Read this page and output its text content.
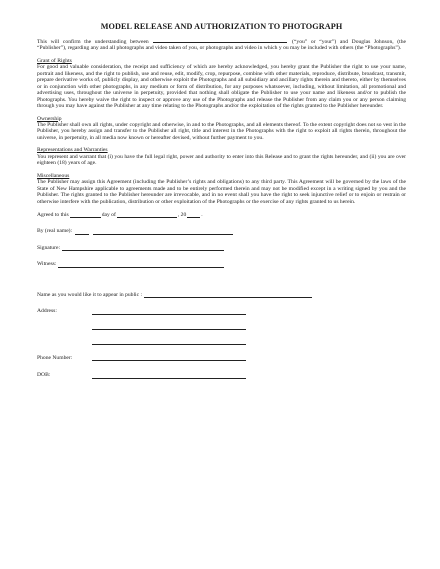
MODEL RELEASE AND AUTHORIZATION TO PHOTOGRAPH

This will confirm the understanding between	(“you” or “your”) and Douglas Johnson, (the “Publisher”), regarding any and all photographs and video taken of you, or photographs and video in which y ou may be included with others (the “Photographs”).

Grant of Rights

For good and valuable consideration, the receipt and sufficiency of which are hereby acknowledged, you hereby grant the Publisher the right to use your name, portrait and likeness, and the right to publish, use and reuse, edit, modify, crop, repurpose, combine with other materials, reproduce, distribute, broadcast, transmit, prepare derivative works of, publicly display, and otherwise exploit the Photographs and all subsidiary and ancillary rights therein and thereto, either by themselves or in conjunction with other photographs, in any medium or form of distribution, for any purposes whatsoever, including, without limitation, all promotional and advertising uses, throughout the universe in perpetuity, provided that nothing shall obligate the Publisher to use your name and likeness and/or to publish the Photographs. You hereby waive the right to inspect or approve any use of the Photographs and release the Publisher from any claim you or any person claiming through you may have against the Publisher at any time relating to the Photographs and/or the exploitation of the rights granted to the Publisher hereunder.

Ownership

The Publisher shall own all rights, under copyright and otherwise, in and to the Photographs, and all elements thereof. To the extent copyright does not so vest in the Publisher, you hereby assign and transfer to the Publisher all right, title and interest in the Photographs with the right to exploit all rights therein, throughout the universe, in perpetuity, in all media now known or hereafter devised, without further payment to you.

Representations and Warranties

You represent and warrant that (i) you have the full legal right, power and authority to enter into this Release and to grant the rights hereunder, and (ii) you are over eighteen (18) years of age.

Miscellaneous

The Publisher may assign this Agreement (including the Publisher’s rights and obligations) to any third party. This Agreement will be governed by the laws of the State of New Hampshire applicable to agreements made and to be entirely performed therein and may not be modified except in a writing signed by you and the Publisher. The rights granted to the Publisher hereunder are irrevocable, and in no event shall you have the right to seek injunctive relief or to enjoin or restrain or otherwise interfere with the publication, distribution or other exploitation of the Photographs or the exercise of any rights granted to us herein.

Agreed to this	day of	, 20	.
By (real name):
Signature:
Witness:
Name as you would like it to appear in public :
Address:
Phone Number:
DOB:
